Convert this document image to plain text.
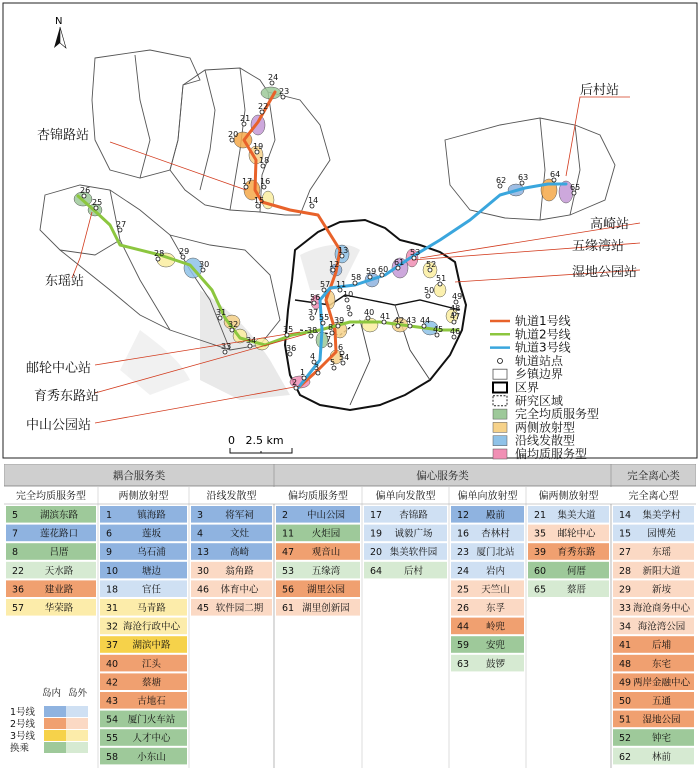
1
2
3
4
5
6
7
8
9
10
11
12
13
14
15
16
17
18
19
20
21
22
23
24
25
26
27
28 29
30
31
32
33
34
35
36
37
38
39
40 41 42 43 44
45 46
47
48
49
50
51
52
53
54
55
56
57
58
59 60
61
62 63	64
65
后村站
杏锦路站
高崎站
五缘湾站
湿地公园站
东瑶站
邮轮中心站
育秀东路站
中山公园站
N
0   2.5 km
轨道1号线
轨道2号线
轨道3号线
轨道站点
乡镇边界
区界
研究区域
完全均质服务型
两侧放射型
沿线发散型
偏均质服务型
耦合服务类	偏心服务类	完全离心类
完全均质服务型
5 湖滨东路
7 莲花路口
8	吕厝
22 天水路
36 建业路
57 华荣路
两侧放射型
1	镇海路
6	莲坂
9	乌石浦
10	塘边
18	官任
31 马青路
32 海沧行政中心
37 湖滨中路
40	江头
42	蔡塘
43 古地石
54 厦门火车站
55 人才中心
58 小东山
沿线发散型
3 将军祠
4	文灶
13 高崎
30 翁角路
46 体育中心
45 软件园二期
偏均质服务型
2 中山公园
11 火炬园
47 观音山
53 五缘湾
56 湖里公园
61 湖里创新园
偏单向发散型
17 杏锦路
19 诚毅广场
20 集美软件园
64 后村
偏单向放射型
12 殿前
16 杏林村
23 厦门北站
24 岩内
25 天竺山
26 东孚
44 岭兜
59 安兜
63 鼓锣
偏两侧放射型
21 集美大道
35 邮轮中心
39 育秀东路
60 何厝
65 蔡厝
完全离心型
14 集美学村
15 园博苑
27 东瑶
28 新阳大道
29 新垵
33 海沧商务中心
34 海沧湾公园
41 后埔
48 东宅
49 两岸金融中心
50 五通
51 湿地公园
52 钟宅
62 林前
岛内 岛外
1号线
2号线
3号线
换乘
